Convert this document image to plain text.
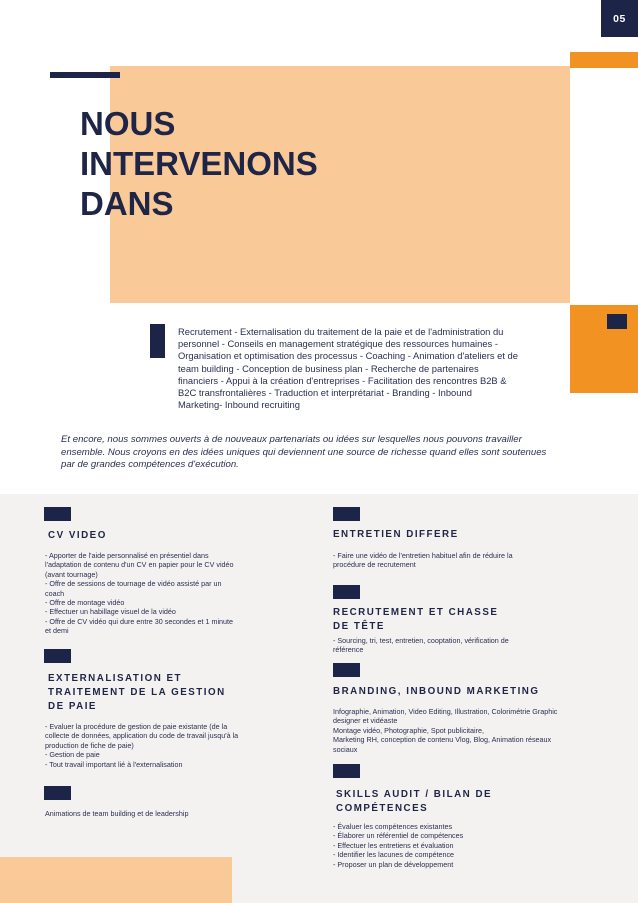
05
NOUS
INTERVENONS
DANS

Recrutement - Externalisation du traitement de la paie et de l'administration du personnel - Conseils en management stratégique des ressources humaines - Organisation et optimisation des processus - Coaching - Animation d'ateliers et de team building - Conception de business plan - Recherche de partenaires financiers - Appui à la création d'entreprises - Facilitation des rencontres B2B & B2C transfrontalières - Traduction et interprétariat - Branding - Inbound Marketing- Inbound recruiting

Et encore, nous sommes ouverts à de nouveaux partenariats ou idées sur lesquelles nous pouvons travailler ensemble. Nous croyons en des idées uniques qui deviennent une source de richesse quand elles sont soutenues par de grandes compétences d'exécution.

CV VIDEO

- Apporter de l'aide personnalisé en présentiel dans l'adaptation de contenu d'un CV en papier pour le CV vidéo (avant tournage)
- Offre de sessions de tournage de vidéo assisté par un coach
- Offre de montage vidéo
- Effectuer un habillage visuel de la vidéo
- Offre de CV vidéo qui dure entre 30 secondes et 1 minute et demi

EXTERNALISATION ET TRAITEMENT DE LA GESTION DE PAIE

- Evaluer la procédure de gestion de paie existante (de la collecte de données, application du code de travail jusqu'à la production de fiche de paie)
- Gestion de paie
- Tout travail important lié à l'externalisation

Animations de team building et de leadership

ENTRETIEN DIFFERE

- Faire une vidéo de l'entretien habituel afin de réduire la procédure de recrutement

RECRUTEMENT ET CHASSE DE TÊTE

- Sourcing, tri, test, entretien, cooptation, vérification de référence

BRANDING, INBOUND MARKETING

Infographie, Animation, Video Editing, Illustration, Colorimétrie Graphic designer et vidéaste
Montage vidéo, Photographie, Spot publicitaire,
Marketing RH, conception de contenu Vlog, Blog, Animation réseaux sociaux

SKILLS AUDIT / BILAN DE COMPÉTENCES

- Évaluer les compétences existantes
- Élaborer un référentiel de compétences
- Effectuer les entretiens et évaluation
- Identifier les lacunes de compétence
- Proposer un plan de développement
